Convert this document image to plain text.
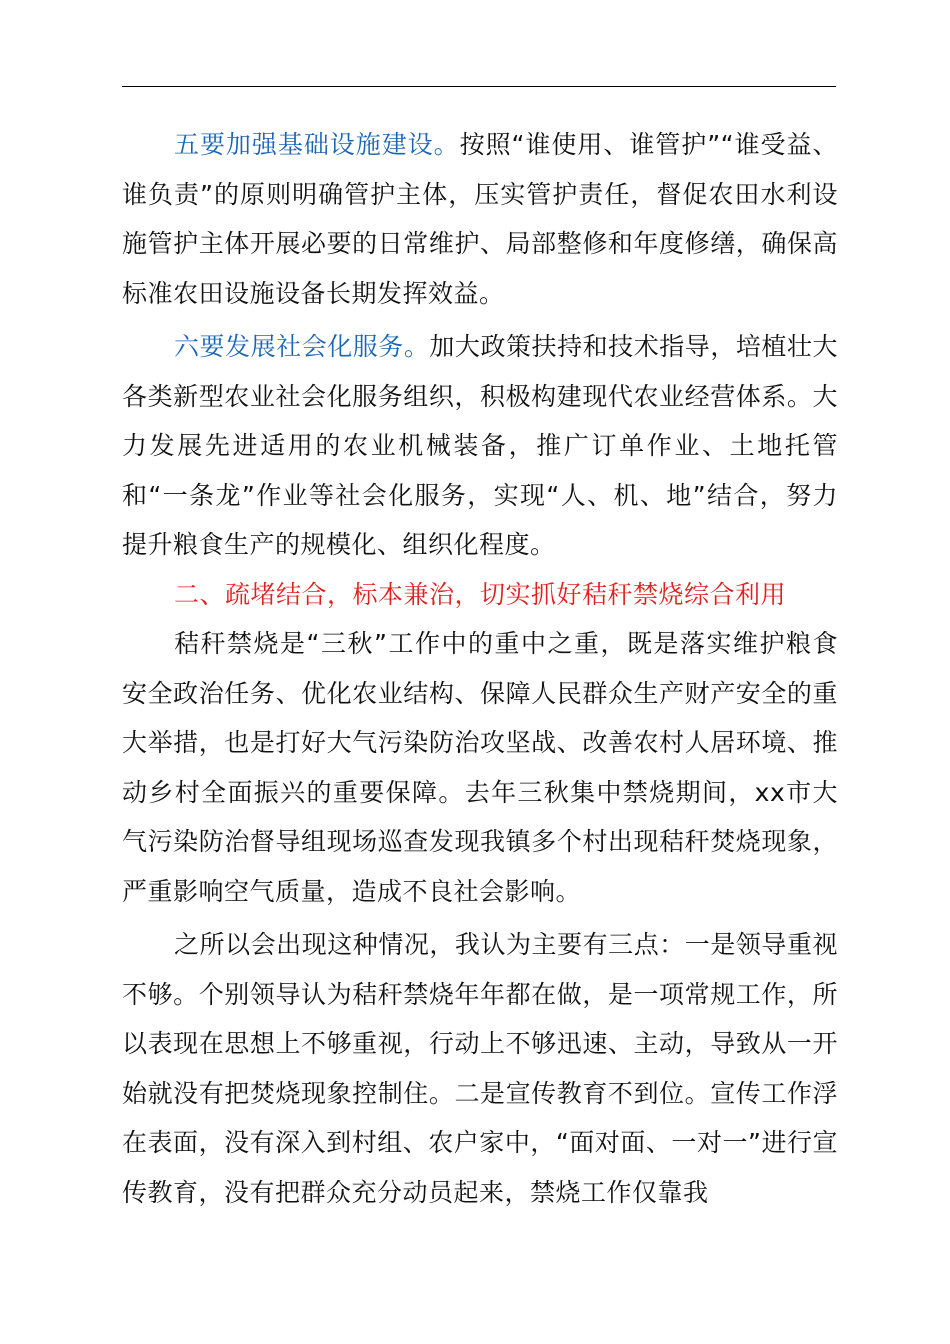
五要加强基础设施建设。按照“谁使用、谁管护”“谁受益、谁负责”的原则明确管护主体，压实管护责任，督促农田水利设施管护主体开展必要的日常维护、局部整修和年度修缮，确保高标准农田设施设备长期发挥效益。

六要发展社会化服务。加大政策扶持和技术指导，培植壮大各类新型农业社会化服务组织，积极构建现代农业经营体系。大力发展先进适用的农业机械装备，推广订单作业、土地托管和“一条龙”作业等社会化服务，实现“人、机、地”结合，努力提升粮食生产的规模化、组织化程度。

二、疏堵结合，标本兼治，切实抓好秸秆禁烧综合利用

秸秆禁烧是“三秋”工作中的重中之重，既是落实维护粮食安全政治任务、优化农业结构、保障人民群众生产财产安全的重大举措，也是打好大气污染防治攻坚战、改善农村人居环境、推动乡村全面振兴的重要保障。去年三秋集中禁烧期间，xx市大气污染防治督导组现场巡查发现我镇多个村出现秸秆焚烧现象，严重影响空气质量，造成不良社会影响。

之所以会出现这种情况，我认为主要有三点：一是领导重视不够。个别领导认为秸秆禁烧年年都在做，是一项常规工作，所以表现在思想上不够重视，行动上不够迅速、主动，导致从一开始就没有把焚烧现象控制住。二是宣传教育不到位。宣传工作浮在表面，没有深入到村组、农户家中，“面对面、一对一”进行宣传教育，没有把群众充分动员起来，禁烧工作仅靠我
